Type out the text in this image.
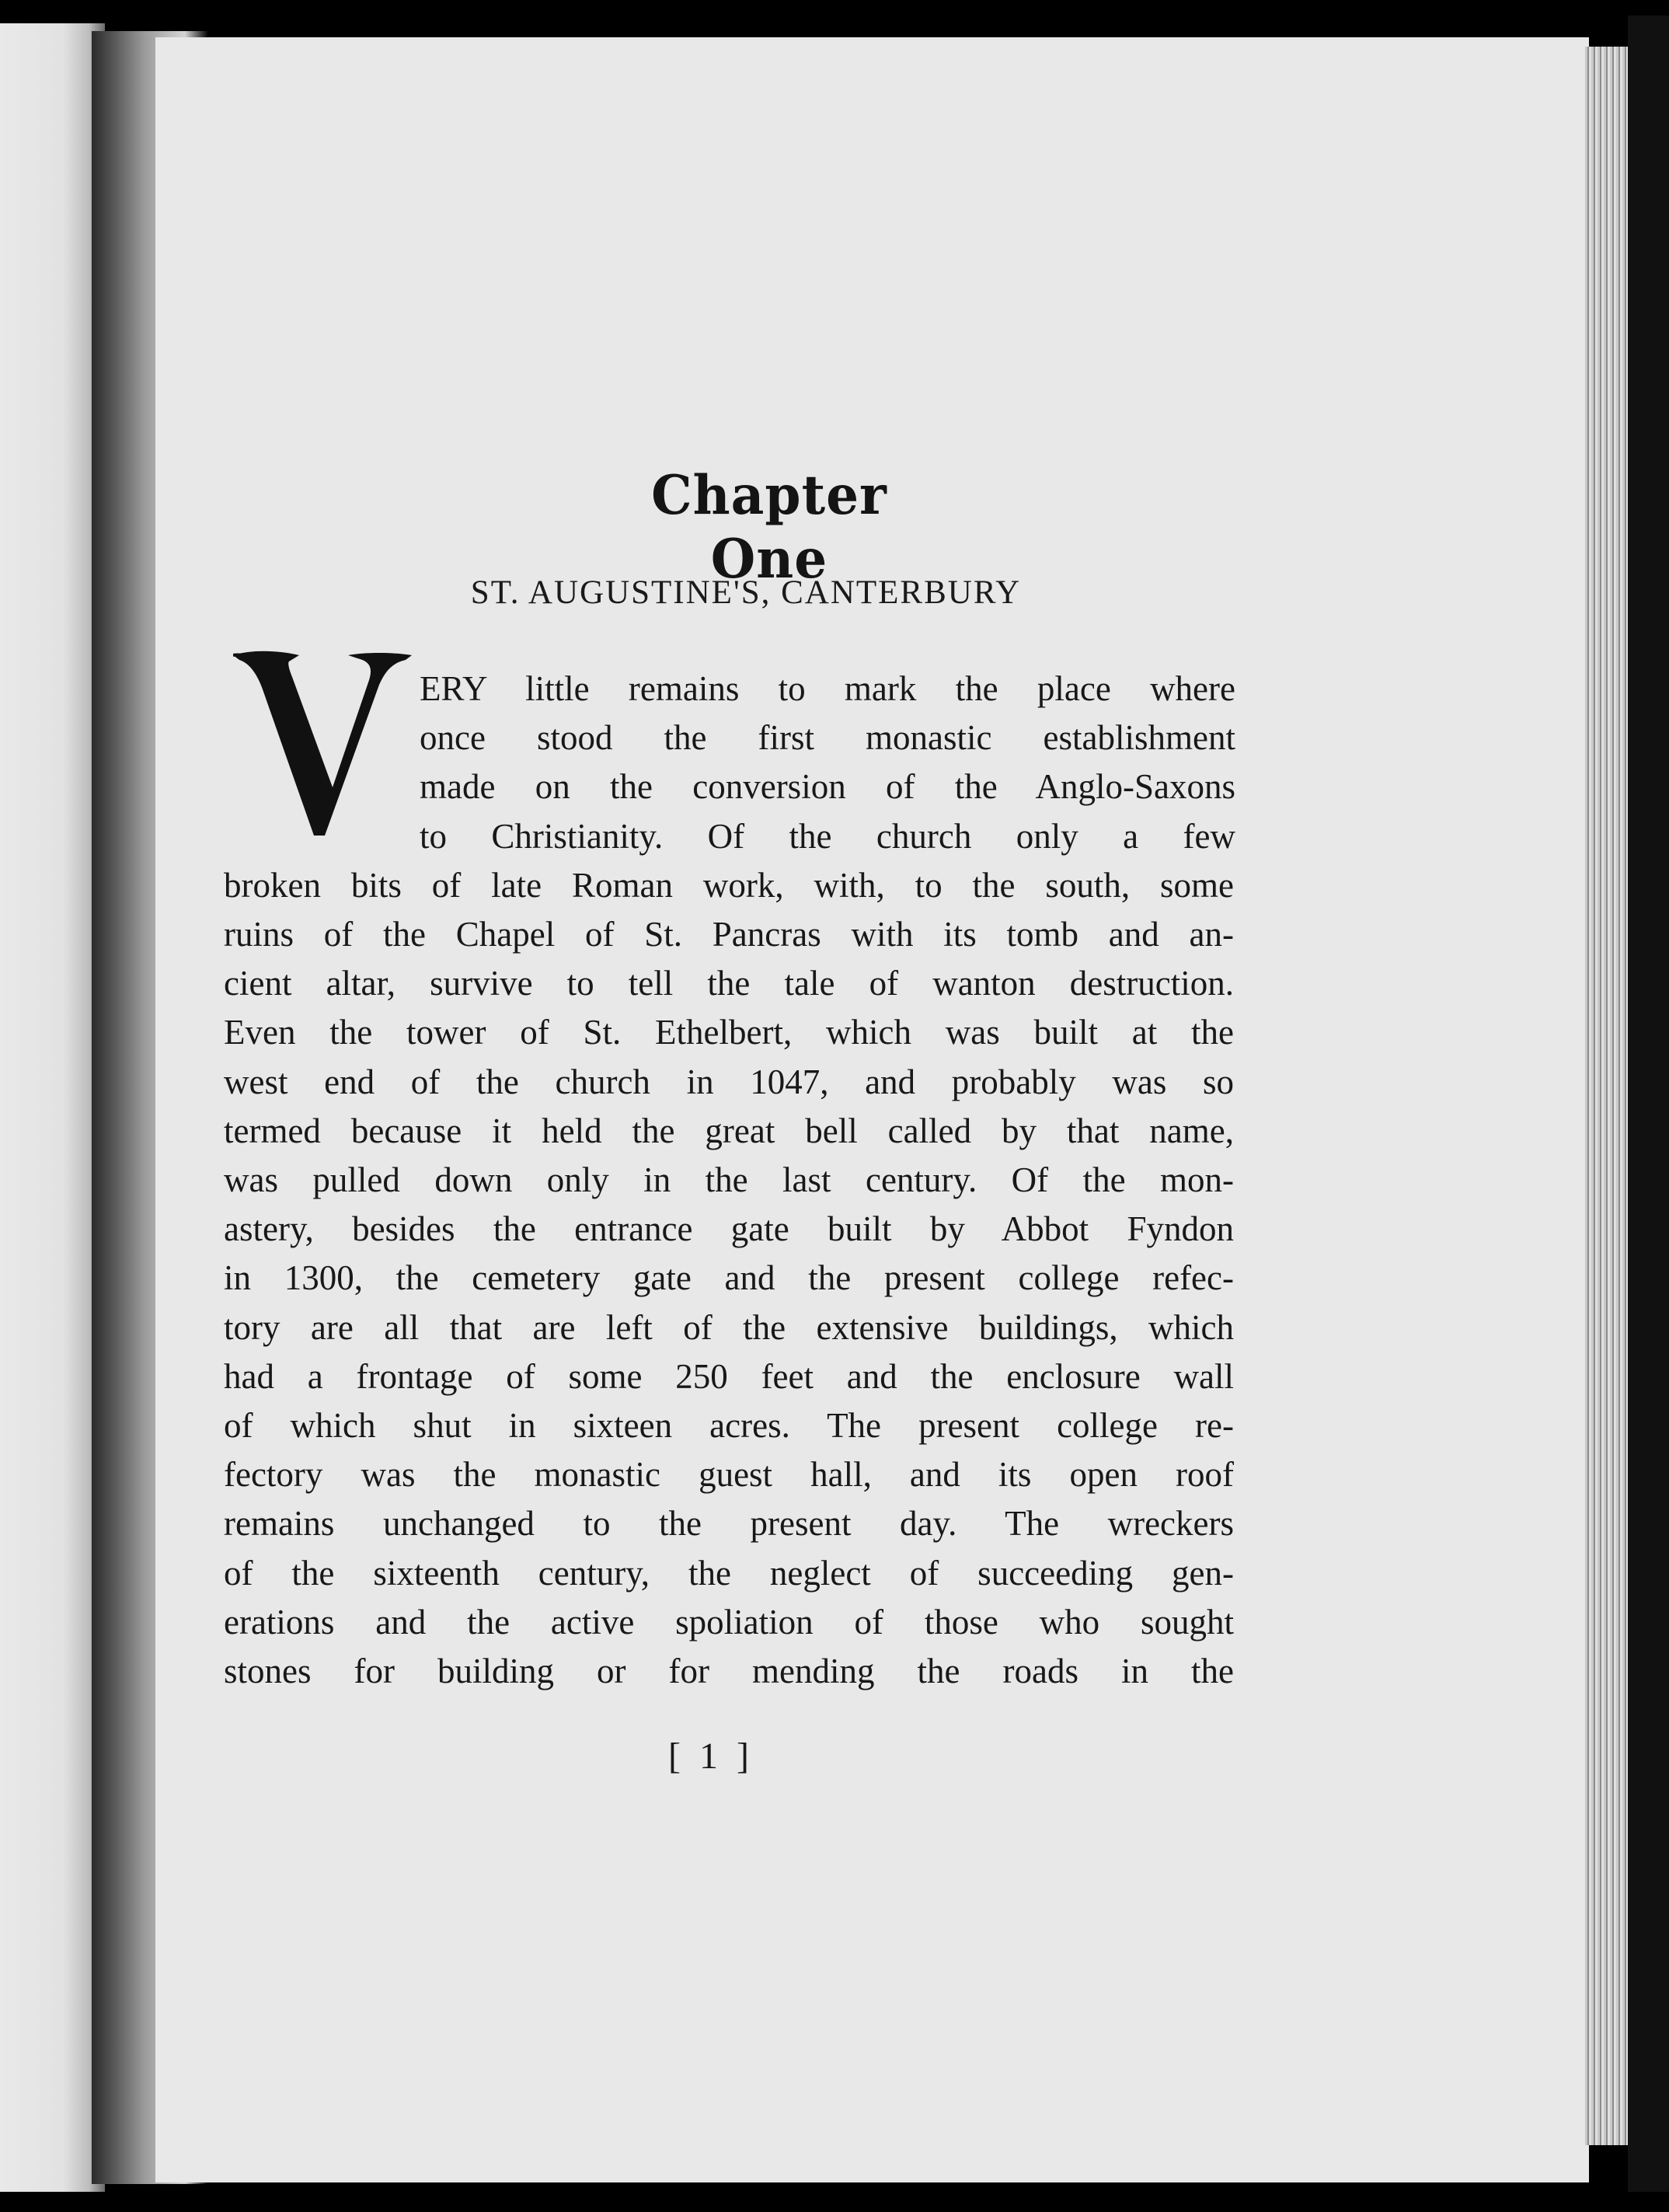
Chapter One
ST. AUGUSTINE'S, CANTERBURY
ERY little remains to mark the place where
once stood the first monastic establishment
made on the conversion of the Anglo-Saxons
to Christianity. Of the church only a few
broken bits of late Roman work, with, to the south, some
ruins of the Chapel of St. Pancras with its tomb and an-
cient altar, survive to tell the tale of wanton destruction.
Even the tower of St. Ethelbert, which was built at the
west end of the church in 1047, and probably was so
termed because it held the great bell called by that name,
was pulled down only in the last century. Of the mon-
astery, besides the entrance gate built by Abbot Fyndon
in 1300, the cemetery gate and the present college refec-
tory are all that are left of the extensive buildings, which
had a frontage of some 250 feet and the enclosure wall
of which shut in sixteen acres. The present college re-
fectory was the monastic guest hall, and its open roof
remains unchanged to the present day. The wreckers
of the sixteenth century, the neglect of succeeding gen-
erations and the active spoliation of those who sought
stones for building or for mending the roads in the
[ 1 ]
